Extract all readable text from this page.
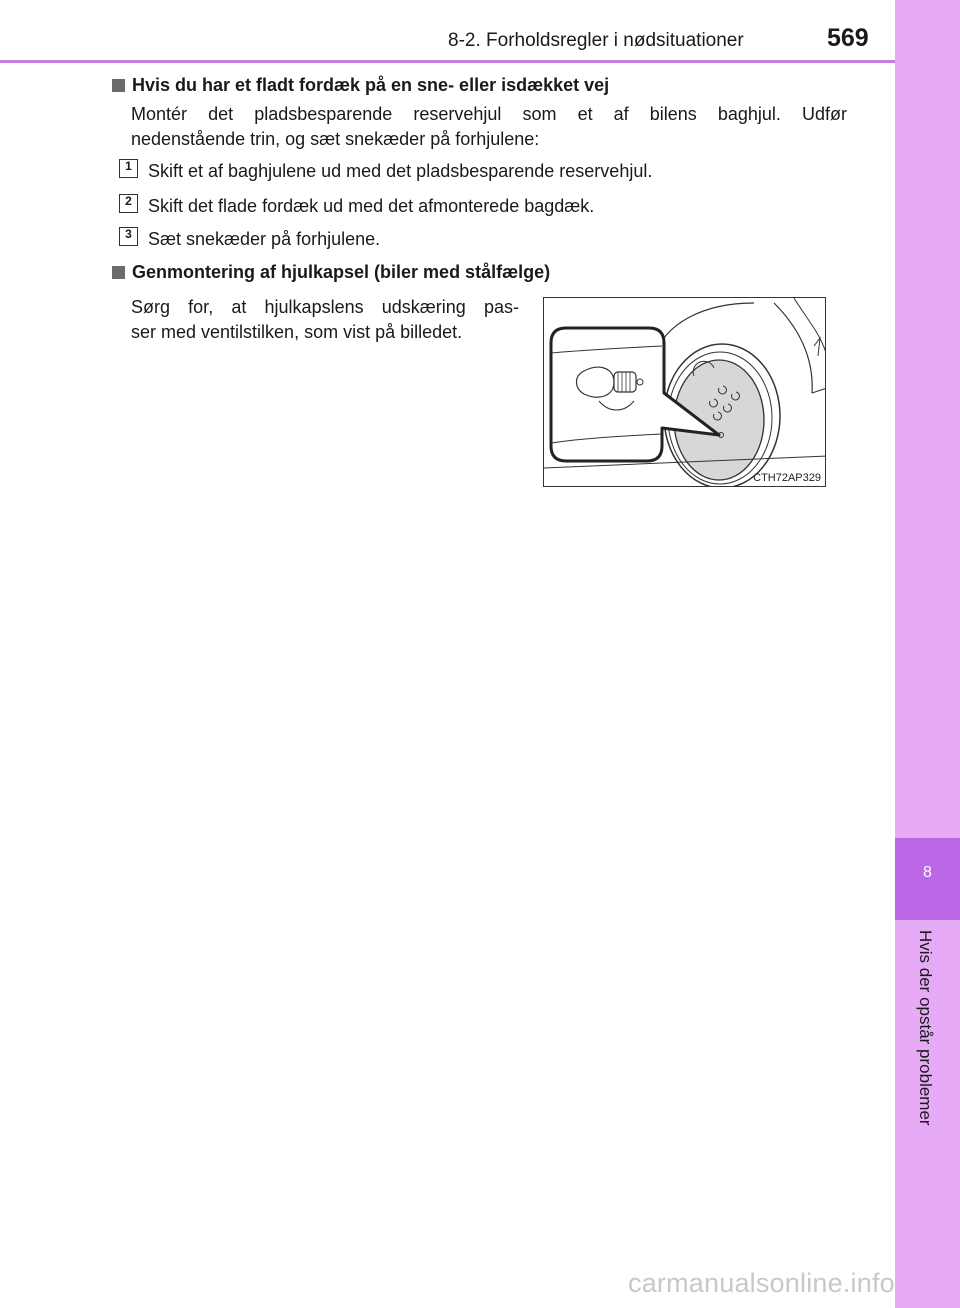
8-2. Forholdsregler i nødsituationer	569
8
Hvis der opstår problemer
Hvis du har et fladt fordæk på en sne- eller isdækket vej
Montér det pladsbesparende reservehjul som et af bilens baghjul. Udfør
nedenstående trin, og sæt snekæder på forhjulene:
1 Skift et af baghjulene ud med det pladsbesparende reservehjul.
2 Skift det flade fordæk ud med det afmonterede bagdæk.
3 Sæt snekæder på forhjulene.
Genmontering af hjulkapsel (biler med stålfælge)
Sørg for, at hjulkapslens udskæring pas-
ser med ventilstilken, som vist på billedet.
CTH72AP329
carmanualsonline.info
